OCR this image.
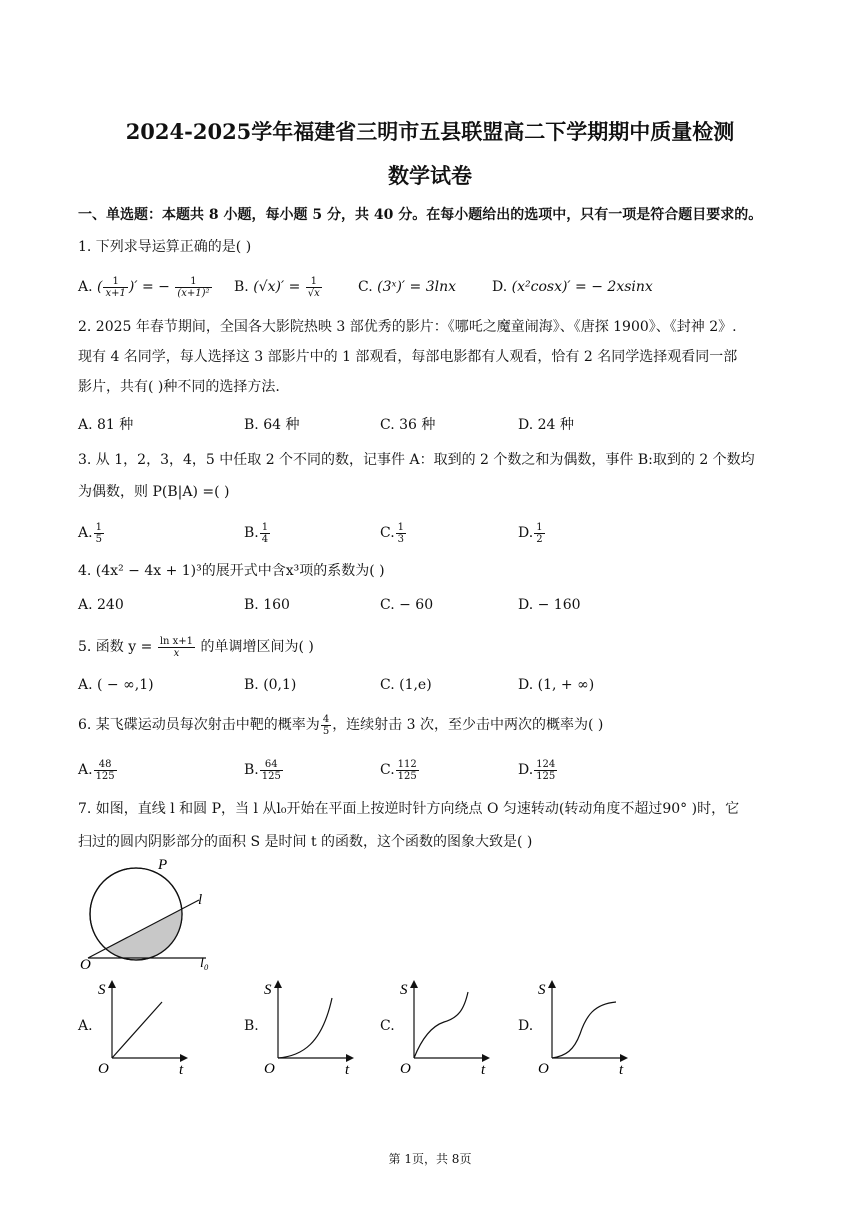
2024-2025学年福建省三明市五县联盟高二下学期期中质量检测
数学试卷
一、单选题：本题共 8 小题，每小题 5 分，共 40 分。在每小题给出的选项中，只有一项是符合题目要求的。
1. 下列求导运算正确的是( )
A. ( $\frac{1}{x+1}$ )′ = − $\frac{1}{\text{(x+1)²}} B$. $(√x)' = \frac{1}{√x}$	C. (3ˣ)′ = 3lnx	D. (x²cosx)′ = − 2xsinx
2. 2025 年春节期间，全国各大影院热映 3 部优秀的影片：《哪吒之魔童闹海》、《唐探 1900》、《封神 2》.
现有 4 名同学，每人选择这 3 部影片中的 1 部观看，每部电影都有人观看，恰有 2 名同学选择观看同一部
影片，共有( )种不同的选择方法.
A. 81 种	B. 64 种	C. 36 种	D. 24 种
3. 从 1，2，3，4，5 中任取 2 个不同的数，记事件 A：取到的 2 个数之和为偶数，事件 B:取到的 2 个数均
为偶数，则 P(B|A) =( )
A. $\frac{1}{5}$	B. $\frac{1}{4}$	C. $\frac{1}{3}$	D. $\frac{1}{2}$
4. (4x² − 4x + 1)³的展开式中含x³项的系数为( )
A. 240	B. 160	C. − 60	D. − 160
5. 函数 $y = \frac{\text{ln x+1}}{x}$ 的单调增区间为( )
A. ( − ∞,1)	B. (0,1)	C. (1,e)	D. (1, + ∞)
6. 某飞碟运动员每次射击中靶的概率为 $\frac{4}{5}$ ，连续射击 3 次，至少击中两次的概率为( )
A. $\frac{48}{125}$	B. $\frac{64}{125}$	C. $\frac{112}{125}$	D. $\frac{124}{125}$
7. 如图，直线 l 和圆 P，当 l 从l₀开始在平面上按逆时针方向绕点 O 匀速转动(转动角度不超过90° )时，它
扫过的圆内阴影部分的面积 S 是时间 t 的函数，这个函数的图象大致是( )
P
l
O	l₀
A.	B.	C.	D.
S
O	t
S
O	t
S
O	t
S
O	t
第 1页，共 8页
